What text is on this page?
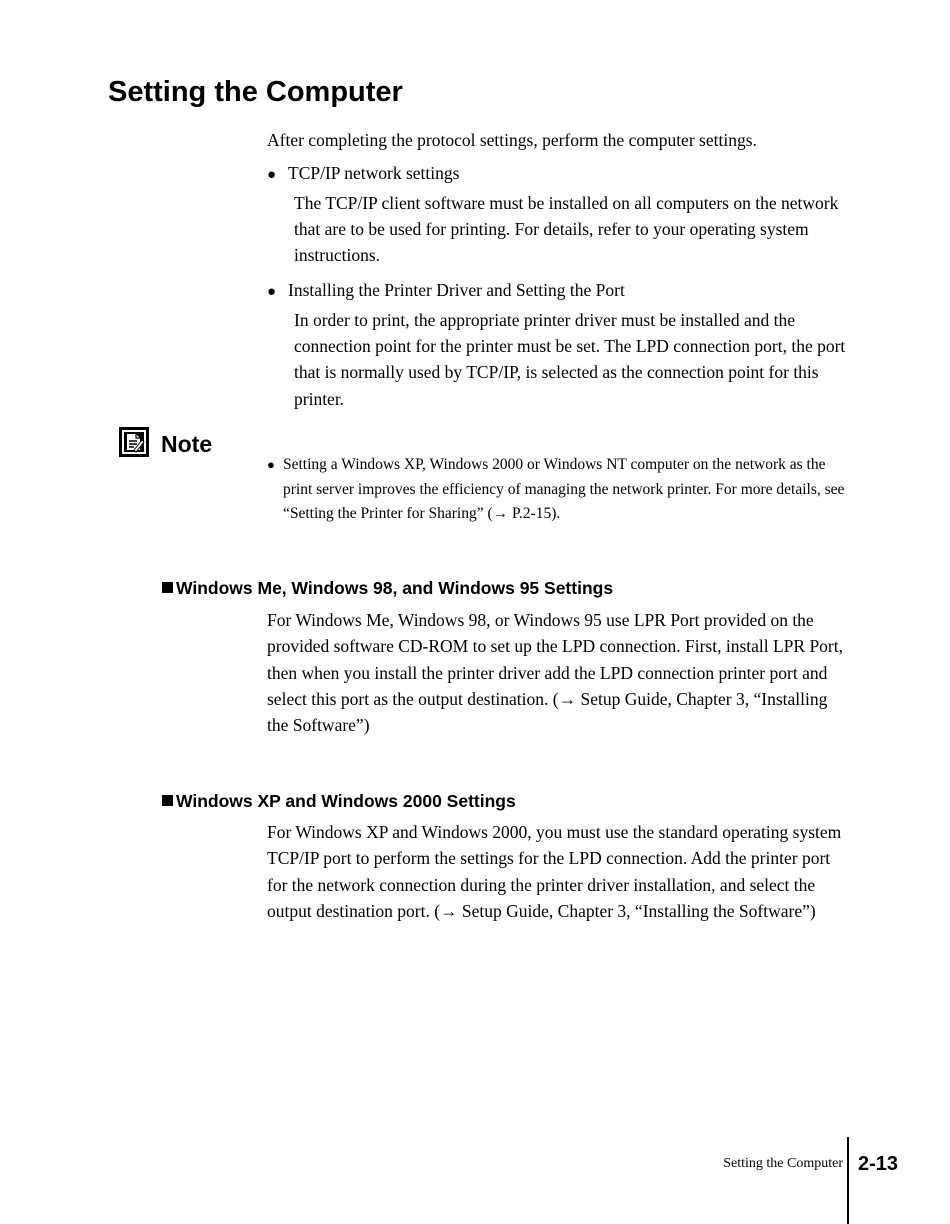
Setting the Computer
After completing the protocol settings, perform the computer settings.
● TCP/IP network settings
The TCP/IP client software must be installed on all computers on the network that are to be used for printing. For details, refer to your operating system instructions.
● Installing the Printer Driver and Setting the Port
In order to print, the appropriate printer driver must be installed and the connection point for the printer must be set. The LPD connection port, the port that is normally used by TCP/IP, is selected as the connection point for this printer.
Note
● Setting a Windows XP, Windows 2000 or Windows NT computer on the network as the print server improves the efficiency of managing the network printer. For more details, see “Setting the Printer for Sharing” (→ P.2-15).
Windows Me, Windows 98, and Windows 95 Settings
For Windows Me, Windows 98, or Windows 95 use LPR Port provided on the provided software CD-ROM to set up the LPD connection. First, install LPR Port, then when you install the printer driver add the LPD connection printer port and select this port as the output destination. (→ Setup Guide, Chapter 3, “Installing the Software”)
Windows XP and Windows 2000 Settings
For Windows XP and Windows 2000, you must use the standard operating system TCP/IP port to perform the settings for the LPD connection. Add the printer port for the network connection during the printer driver installation, and select the output destination port. (→ Setup Guide, Chapter 3, “Installing the Software”)
Setting the Computer 2-13
